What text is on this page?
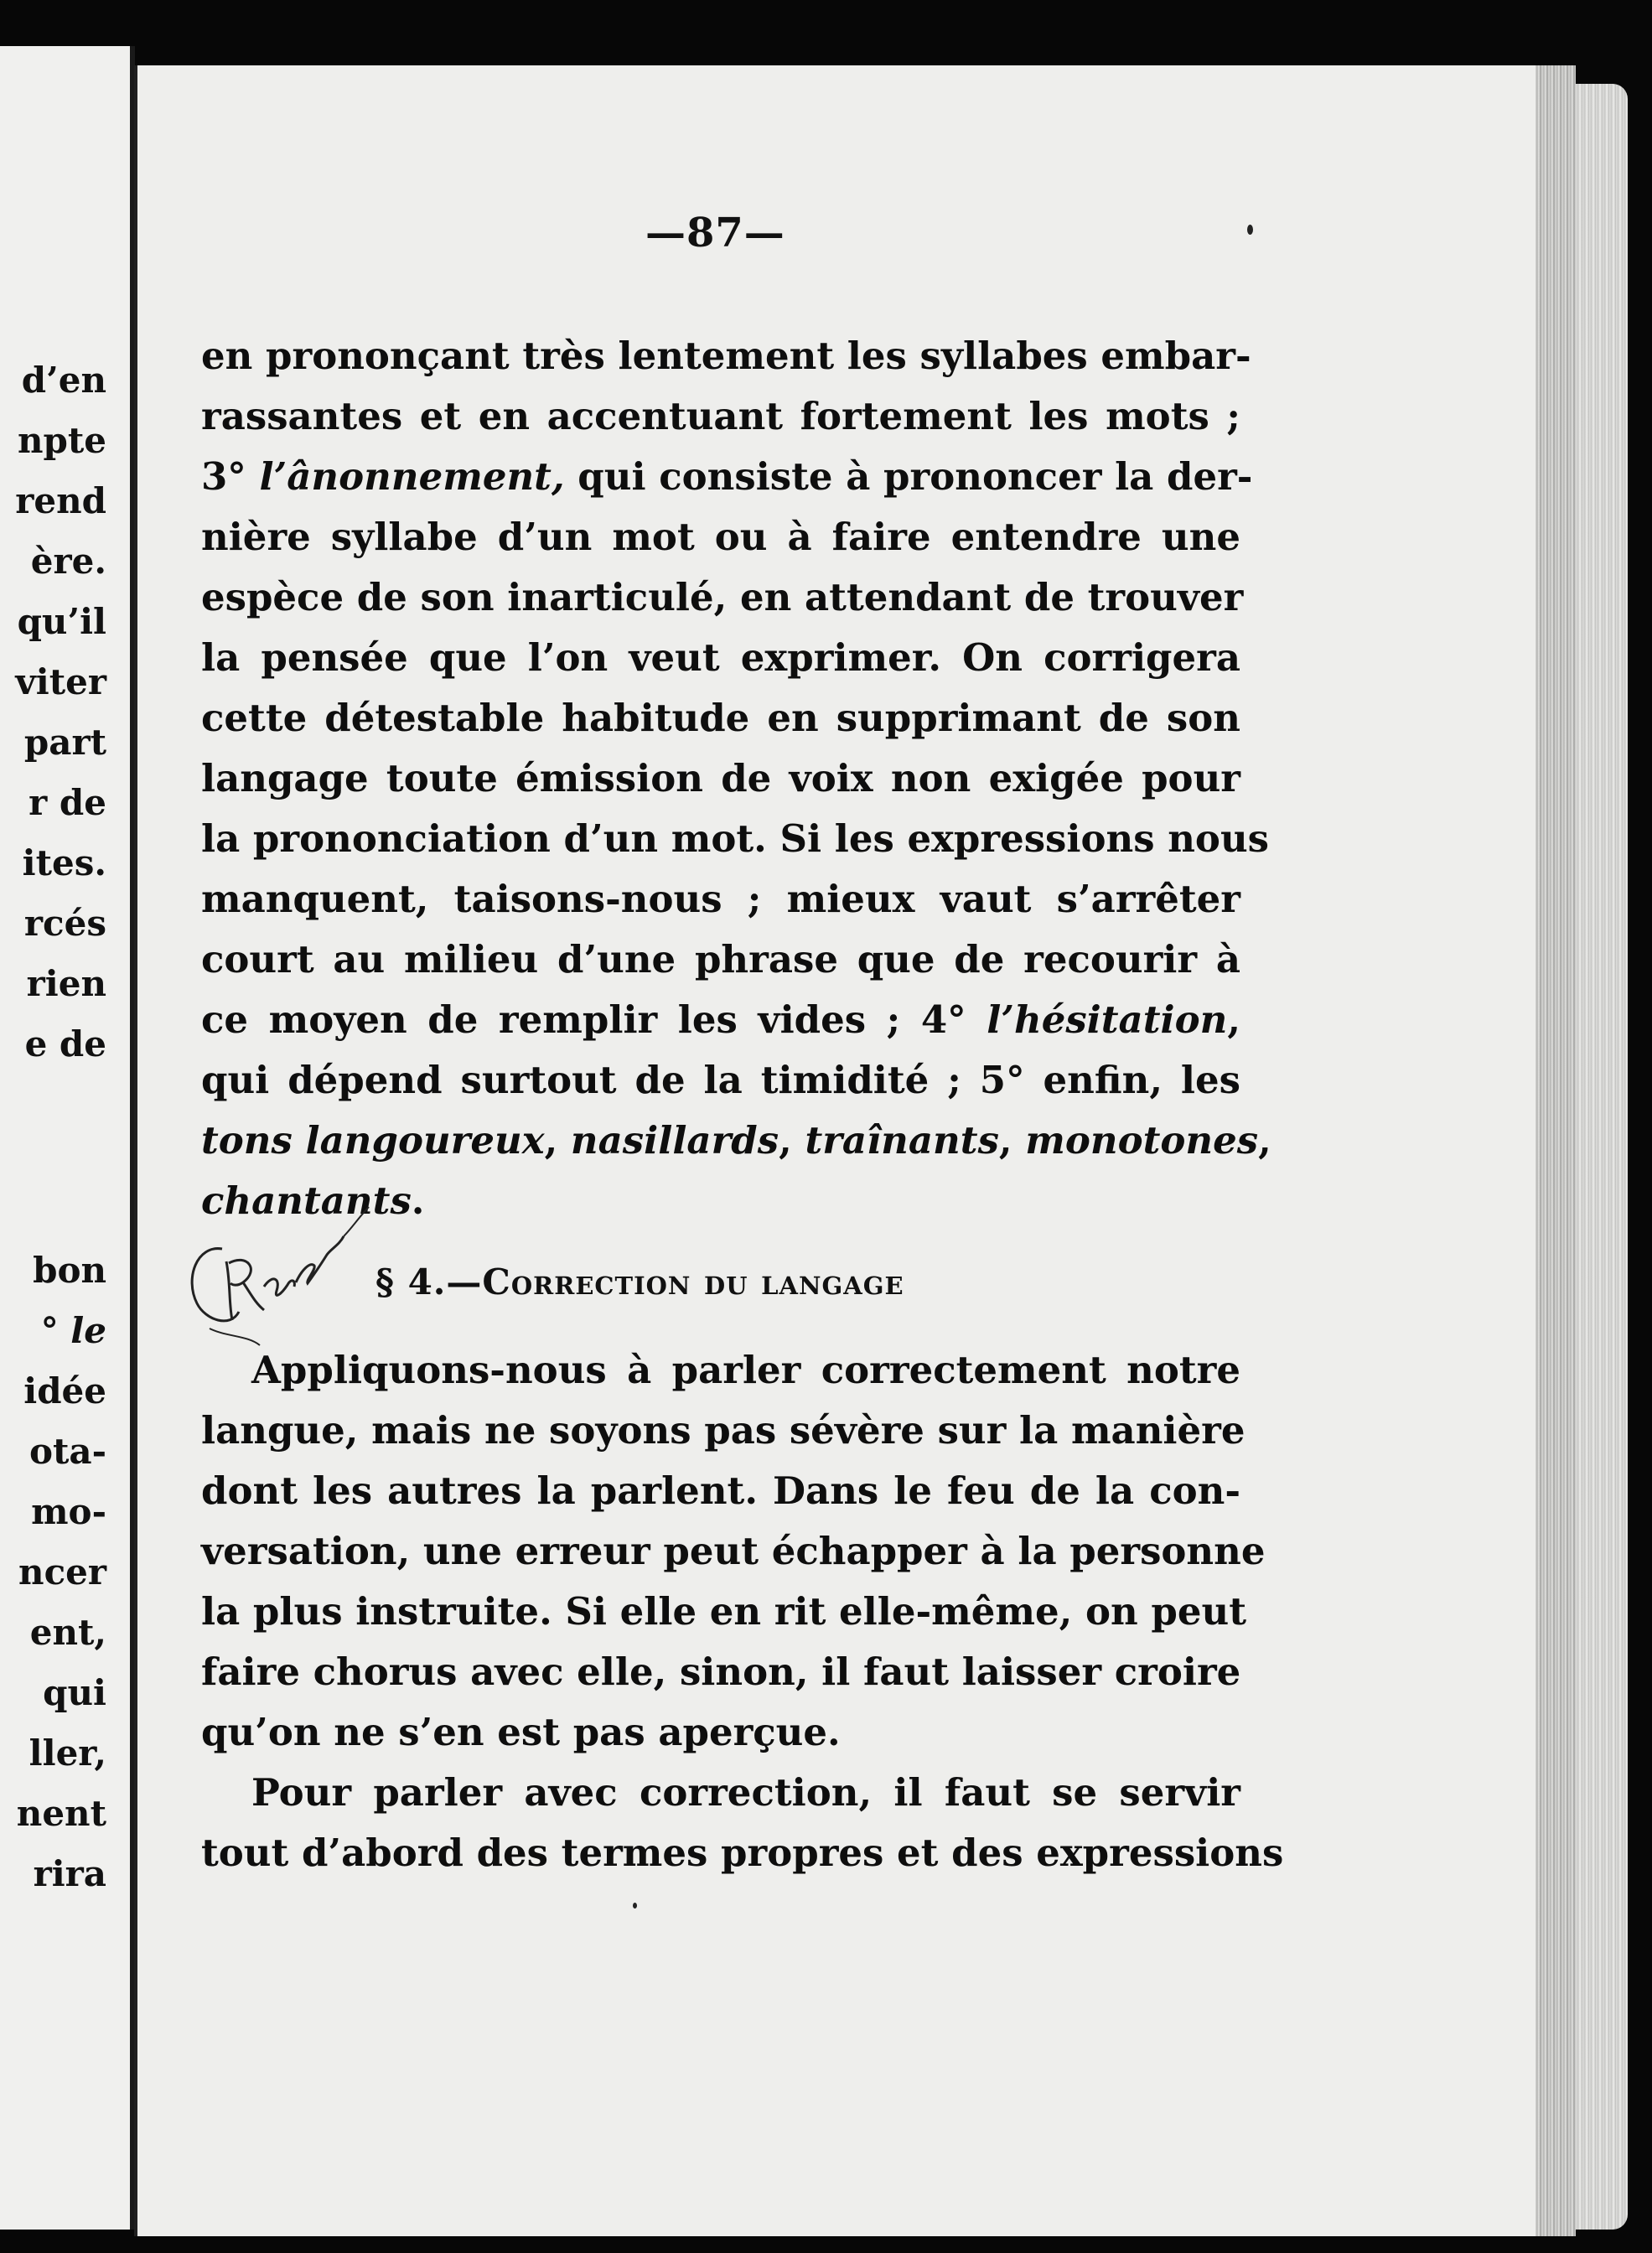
d’en
npte
rend
ère.
qu’il
viter
part
r de
ites.
rcés
rien
e de
bon
° le
idée
ota-
mo-
ncer
ent,
qui
ller,
nent
rira
—87—
en prononçant très lentement les syllabes embar-
rassantes et en accentuant fortement les mots ;
3° l’ânonnement, qui consiste à prononcer la der-
nière syllabe d’un mot ou à faire entendre une
espèce de son inarticulé, en attendant de trouver
la pensée que l’on veut exprimer. On corrigera
cette détestable habitude en supprimant de son
langage toute émission de voix non exigée pour
la prononciation d’un mot. Si les expressions nous
manquent, taisons-nous ; mieux vaut s’arrêter
court au milieu d’une phrase que de recourir à
ce moyen de remplir les vides ; 4° l’hésitation,
qui dépend surtout de la timidité ; 5° enfin, les
tons langoureux, nasillards, traînants, monotones,
chantants.
§ 4.—Correction du langage
Appliquons-nous à parler correctement notre
langue, mais ne soyons pas sévère sur la manière
dont les autres la parlent. Dans le feu de la con-
versation, une erreur peut échapper à la personne
la plus instruite. Si elle en rit elle-même, on peut
faire chorus avec elle, sinon, il faut laisser croire
qu’on ne s’en est pas aperçue.
Pour parler avec correction, il faut se servir
tout d’abord des termes propres et des expressions
